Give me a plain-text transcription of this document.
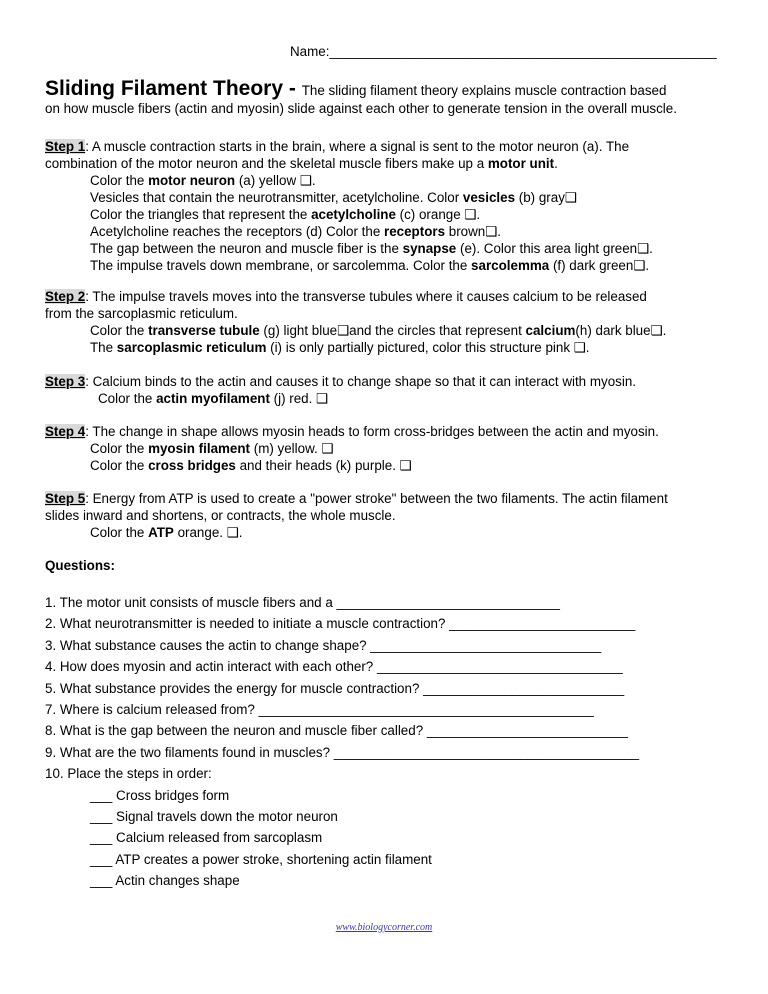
Name:____________________________________________________
Sliding Filament Theory - The sliding filament theory explains muscle contraction based
on how muscle fibers (actin and myosin) slide against each other to generate tension in the overall muscle.

Step 1: A muscle contraction starts in the brain, where a signal is sent to the motor neuron (a). The

combination of the motor neuron and the skeletal muscle fibers make up a motor unit.

Color the motor neuron (a) yellow ❑.

Vesicles that contain the neurotransmitter, acetylcholine. Color vesicles (b) gray❑

Color the triangles that represent the acetylcholine (c) orange ❑.

Acetylcholine reaches the receptors (d) Color the receptors brown❑.

The gap between the neuron and muscle fiber is the synapse (e). Color this area light green❑.

The impulse travels down membrane, or sarcolemma. Color the sarcolemma (f) dark green❑.

Step 2: The impulse travels moves into the transverse tubules where it causes calcium to be released

from the sarcoplasmic reticulum.

Color the transverse tubule (g) light blue❑and the circles that represent calcium(h) dark blue❑.

The sarcoplasmic reticulum (i) is only partially pictured, color this structure pink ❑.

Step 3: Calcium binds to the actin and causes it to change shape so that it can interact with myosin.

Color the actin myofilament (j) red. ❑

Step 4: The change in shape allows myosin heads to form cross-bridges between the actin and myosin.

Color the myosin filament (m) yellow. ❑

Color the cross bridges and their heads (k) purple. ❑

Step 5: Energy from ATP is used to create a "power stroke" between the two filaments. The actin filament

slides inward and shortens, or contracts, the whole muscle.

Color the ATP orange. ❑.

Questions:
1. The motor unit consists of muscle fibers and a ______________________________
2. What neurotransmitter is needed to initiate a muscle contraction? _________________________
3. What substance causes the actin to change shape? _______________________________
4. How does myosin and actin interact with each other? _________________________________
5. What substance provides the energy for muscle contraction? ___________________________
7. Where is calcium released from? _____________________________________________
8. What is the gap between the neuron and muscle fiber called? ___________________________
9. What are the two filaments found in muscles? _________________________________________
10. Place the steps in order:
___ Cross bridges form
___ Signal travels down the motor neuron
___ Calcium released from sarcoplasm
___ ATP creates a power stroke, shortening actin filament
___ Actin changes shape
www.biologycorner.com
